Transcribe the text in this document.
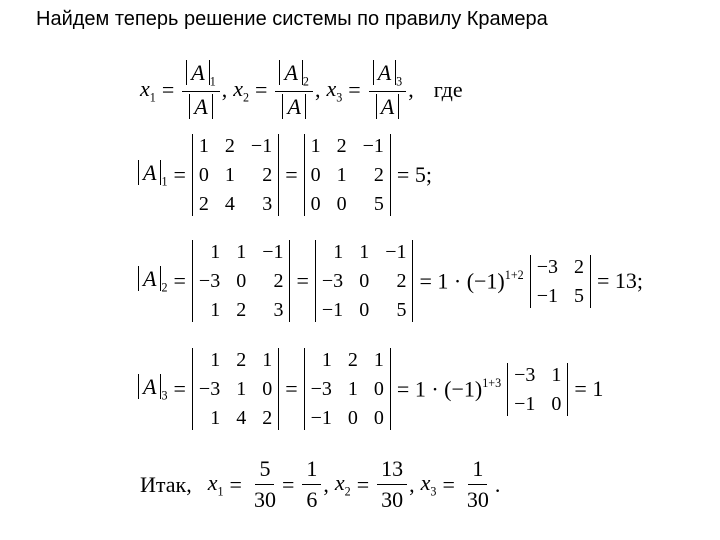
Найдем теперь решение системы по правилу Крамера
$x_1 = \frac{A _1}{A}$ , $x_2 = \frac{A _2}{A}$ , $x_3 = \frac{A _3}{A}$ , где
A $_1$ =
1 2 −1
0 1 2
2 4 3
=
1 2 −1
0 1 2
0 0 5
= 5;
A $_2$ =
1 1 −1
−3 0 2
1 2 3
=
1 1 −1
−3 0 2
−1 0 5
= $1 \cdot (-1)^{1+2} -3$ 2
−1 5
= 13;
A $_3$ =
1 2 1
−3 1 0
1 4 2
=
1 2 1
−3 1 0
−1 0 0
= $1 \cdot (-1)^{1+3} -3$ 1
−1 0
= 1
Итак, $x_1 = \frac{5}{30} = \frac{1}{6}$ , $x_2 = \frac{13}{30}$ , $x_3 = \frac{1}{30}$ .
